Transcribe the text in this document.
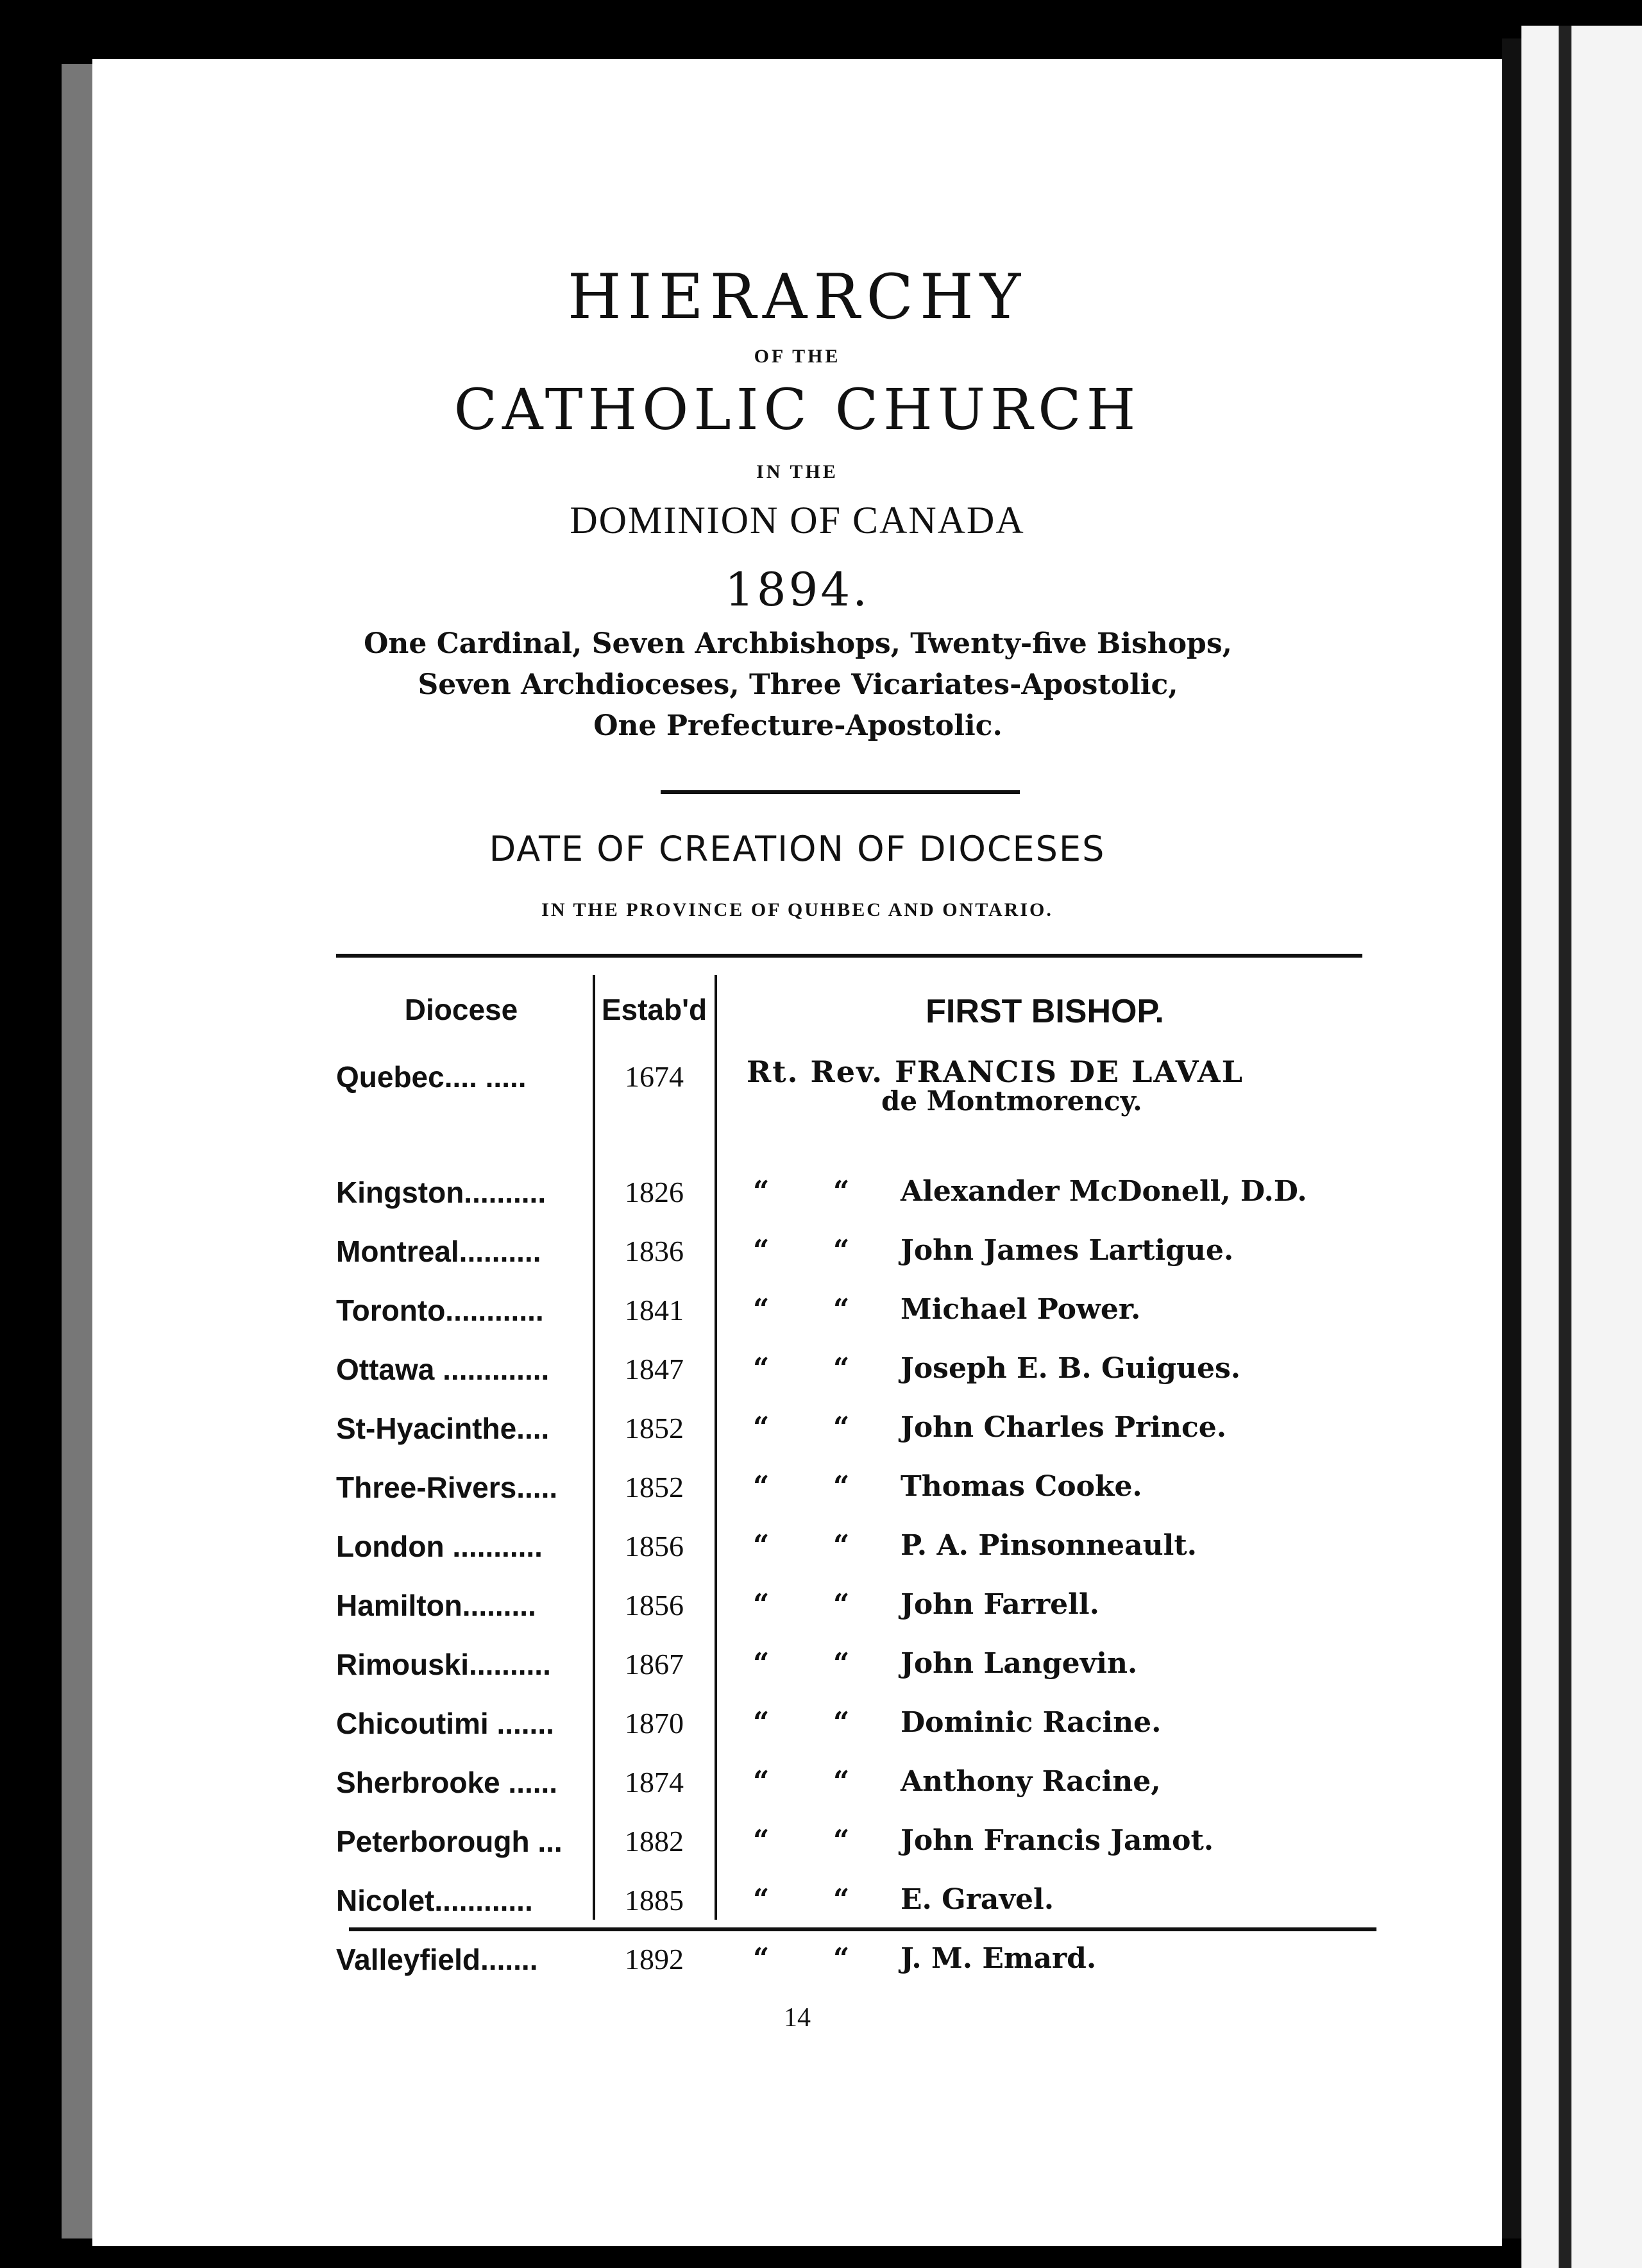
HIERARCHY
OF THE
CATHOLIC CHURCH
IN THE
DOMINION OF CANADA
1894.
One Cardinal, Seven Archbishops, Twenty-five Bishops,
Seven Archdioceses, Three Vicariates-Apostolic,
One Prefecture-Apostolic.
DATE OF CREATION OF DIOCESES
IN THE PROVINCE OF QUHBEC AND ONTARIO.
Diocese	Estab'd	FIRST BISHOP.
Quebec.... .....	1674	Rt. Rev. FRANCIS DE LAVAL
de Montmorency.
Kingston..........	1826	“ “ Alexander McDonell, D.D.
Montreal..........	1836	“ “ John James Lartigue.
Toronto............	1841	“ “ Michael Power.
Ottawa .............	1847	“ “ Joseph E. B. Guigues.
St-Hyacinthe....	1852	“ “ John Charles Prince.
Three-Rivers.....	1852	“ “ Thomas Cooke.
London ...........	1856	“ “ P. A. Pinsonneault.
Hamilton.........	1856	“ “ John Farrell.
Rimouski..........	1867	“ “ John Langevin.
Chicoutimi .......	1870	“ “ Dominic Racine.
Sherbrooke ......	1874	“ “ Anthony Racine,
Peterborough ...	1882	“ “ John Francis Jamot.
Nicolet............	1885	“ “ E. Gravel.
Valleyfield.......	1892	“ “ J. M. Emard.
14
